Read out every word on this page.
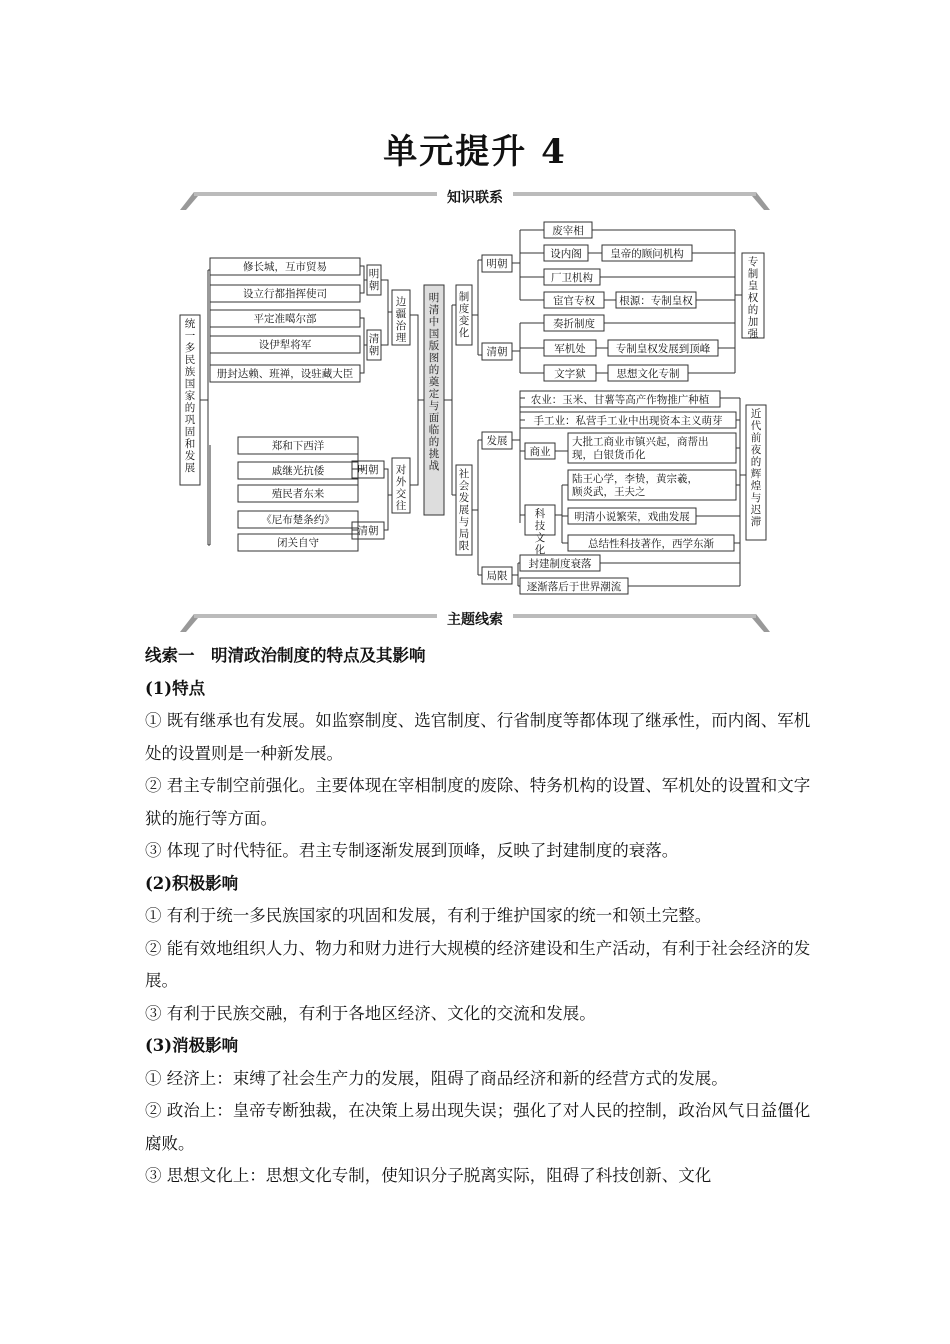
单元提升 4
知识联系
统一多民族国家的巩固和发展
修长城，互市贸易
设立行都指挥使司
平定准噶尔部
设伊犁将军
册封达赖、班禅，设驻藏大臣
明朝
清朝
边疆治理
郑和下西洋
戚继光抗倭
殖民者东来
《尼布楚条约》
闭关自守
明朝
清朝
对外交往
明清中国版图的奠定与面临的挑战
制度变化
社会发展与局限
明朝
清朝
废宰相
设内阁
厂卫机构
宦官专权
皇帝的顾问机构
根源：专制皇权
奏折制度
军机处
文字狱
专制皇权发展到顶峰
思想文化专制
专制皇权的加强
发展
局限
农业：玉米、甘薯等高产作物推广种植
手工业：私营手工业中出现资本主义萌芽
商业
大批工商业市镇兴起，商帮出现，白银货币化
科技文化
陆王心学，李贽，黄宗羲，顾炎武，王夫之
明清小说繁荣，戏曲发展
总结性科技著作，西学东渐
封建制度衰落
逐渐落后于世界潮流
近代前夜的辉煌与迟滞
主题线索

线索一　明清政治制度的特点及其影响

(1)特点

① 既有继承也有发展。如监察制度、选官制度、行省制度等都体现了继承性，而内阁、军机处的设置则是一种新发展。

② 君主专制空前强化。主要体现在宰相制度的废除、特务机构的设置、军机处的设置和文字狱的施行等方面。

③ 体现了时代特征。君主专制逐渐发展到顶峰，反映了封建制度的衰落。

(2)积极影响

① 有利于统一多民族国家的巩固和发展，有利于维护国家的统一和领土完整。

② 能有效地组织人力、物力和财力进行大规模的经济建设和生产活动，有利于社会经济的发展。

③ 有利于民族交融，有利于各地区经济、文化的交流和发展。

(3)消极影响

① 经济上：束缚了社会生产力的发展，阻碍了商品经济和新的经营方式的发展。

② 政治上：皇帝专断独裁，在决策上易出现失误；强化了对人民的控制，政治风气日益僵化腐败。

③ 思想文化上：思想文化专制，使知识分子脱离实际，阻碍了科技创新、文化
